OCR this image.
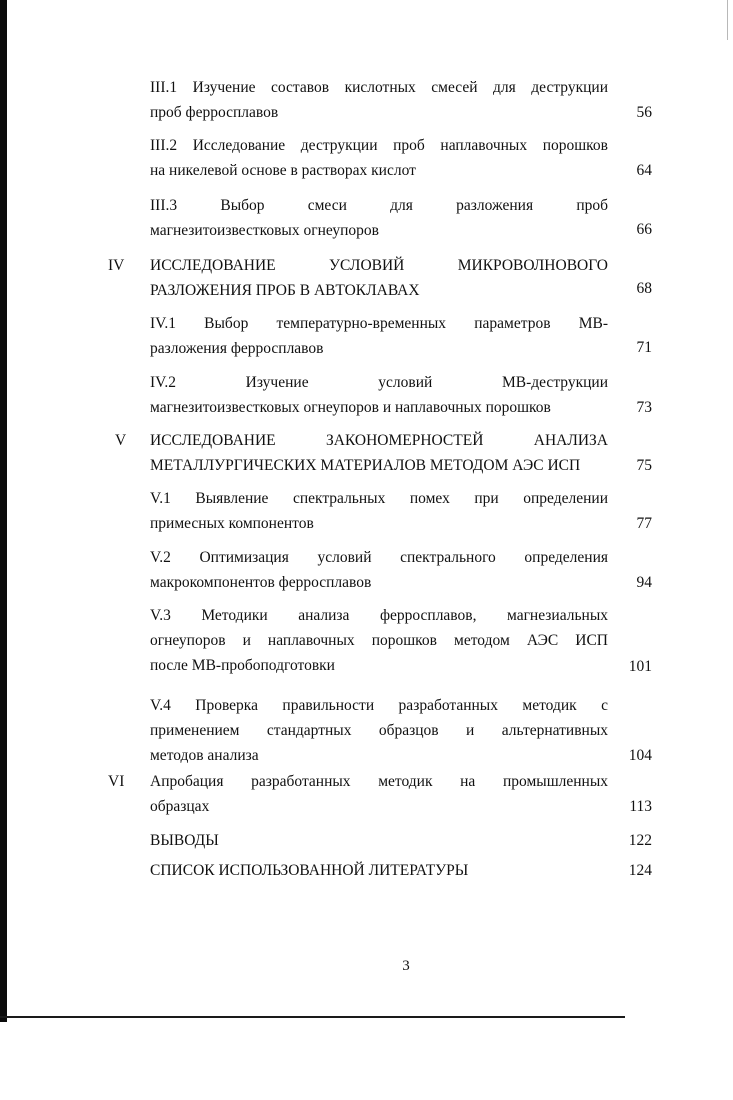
III.1 Изучение составов кислотных смесей для деструкции
проб ферросплавов	56
III.2 Исследование деструкции проб наплавочных порошков
на никелевой основе в растворах кислот	64
III.3 Выбор смеси для разложения проб
магнезитоизвестковых огнеупоров	66
IV ИССЛЕДОВАНИЕ УСЛОВИЙ МИКРОВОЛНОВОГО
РАЗЛОЖЕНИЯ ПРОБ В АВТОКЛАВАХ	68
IV.1 Выбор температурно-временных параметров МВ-
разложения ферросплавов	71
IV.2 Изучение условий МВ-деструкции
магнезитоизвестковых огнеупоров и наплавочных порошков	73
V ИССЛЕДОВАНИЕ ЗАКОНОМЕРНОСТЕЙ АНАЛИЗА
МЕТАЛЛУРГИЧЕСКИХ МАТЕРИАЛОВ МЕТОДОМ АЭС ИСП	75
V.1 Выявление спектральных помех при определении
примесных компонентов	77
V.2 Оптимизация условий спектрального определения
макрокомпонентов ферросплавов	94
V.3 Методики анализа ферросплавов, магнезиальных
огнеупоров и наплавочных порошков методом АЭС ИСП
после МВ-пробоподготовки	101
V.4 Проверка правильности разработанных методик с
применением стандартных образцов и альтернативных
методов анализа	104
VI Апробация разработанных методик на промышленных
образцах	113
ВЫВОДЫ	122
СПИСОК ИСПОЛЬЗОВАННОЙ ЛИТЕРАТУРЫ	124
3
